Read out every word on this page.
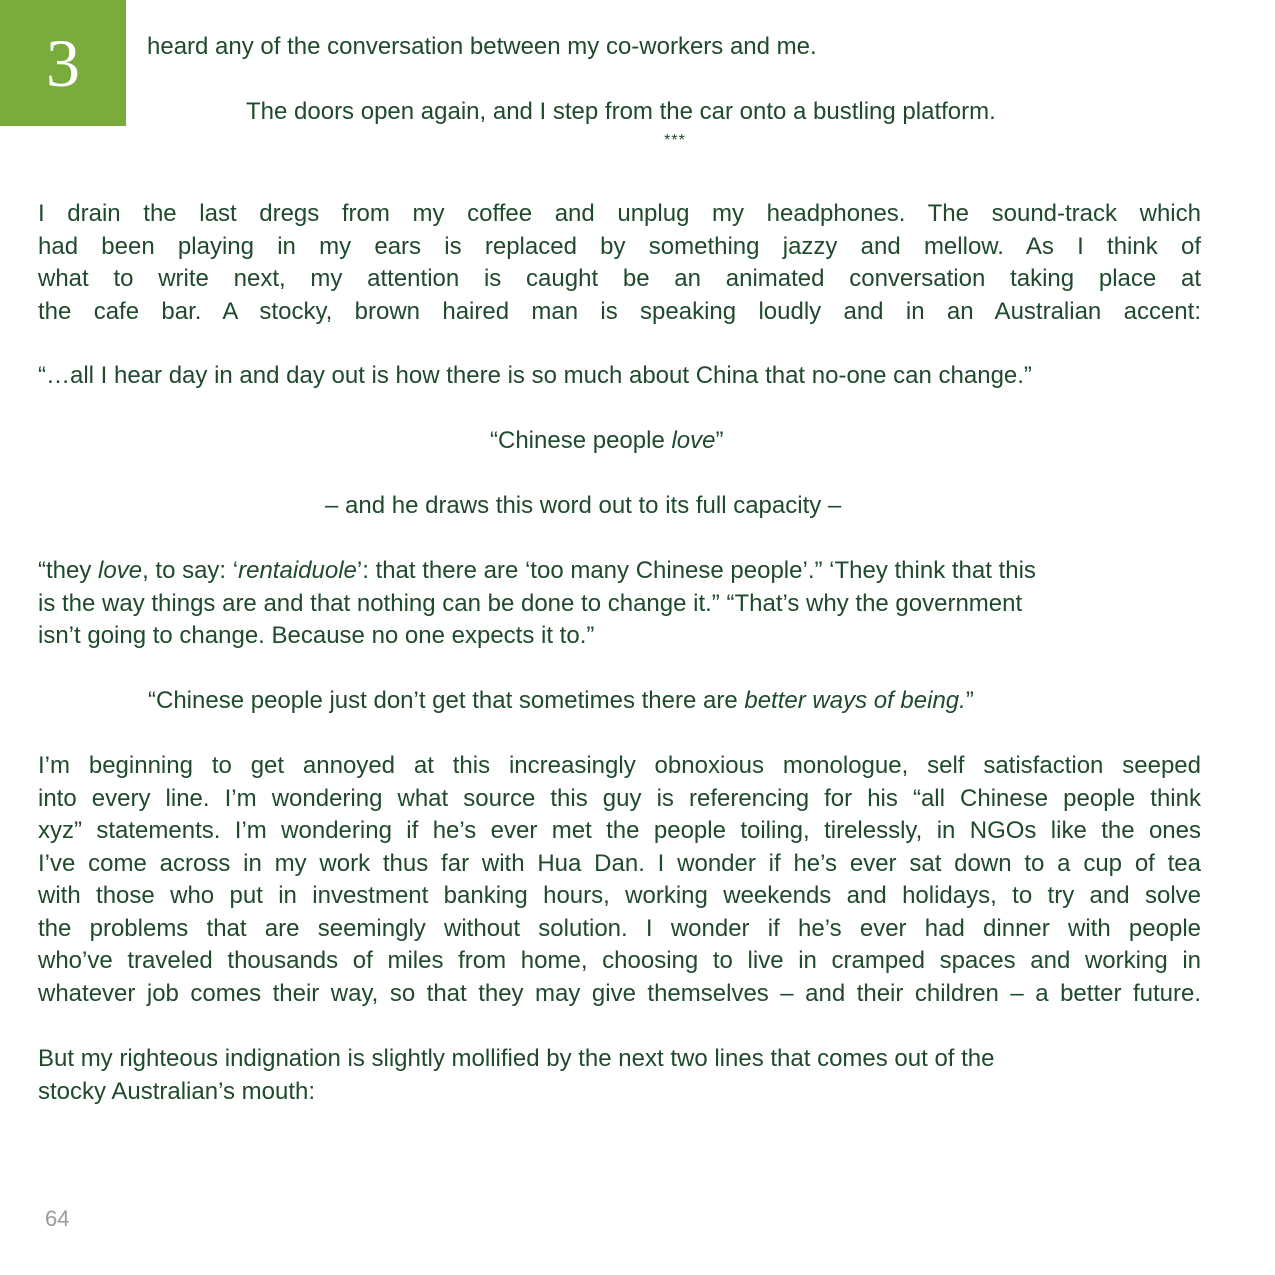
3	heard any of the conversation between my co-workers and me.

The doors open again, and I step from the car onto a bustling platform.

***

I drain the last dregs from my coffee and unplug my headphones. The sound-track which
had been playing in my ears is replaced by something jazzy and mellow. As I think of
what to write next, my attention is caught be an animated conversation taking place at
the cafe bar. A stocky, brown haired man is speaking loudly and in an Australian accent:

“…all I hear day in and day out is how there is so much about China that no-one can change.”

“Chinese people love”

– and he draws this word out to its full capacity –

“they love, to say: ‘rentaiduole’: that there are ‘too many Chinese people’.” ‘They think that this
is the way things are and that nothing can be done to change it.” “That’s why the government
isn’t going to change. Because no one expects it to.”

“Chinese people just don’t get that sometimes there are better ways of being.”

I’m beginning to get annoyed at this increasingly obnoxious monologue, self satisfaction seeped
into every line. I’m wondering what source this guy is referencing for his “all Chinese people think
xyz” statements. I’m wondering if he’s ever met the people toiling, tirelessly, in NGOs like the ones
I’ve come across in my work thus far with Hua Dan. I wonder if he’s ever sat down to a cup of tea
with those who put in investment banking hours, working weekends and holidays, to try and solve
the problems that are seemingly without solution. I wonder if he’s ever had dinner with people
who’ve traveled thousands of miles from home, choosing to live in cramped spaces and working in
whatever job comes their way, so that they may give themselves – and their children – a better future.
But my righteous indignation is slightly mollified by the next two lines that comes out of the
stocky Australian’s mouth:
64
